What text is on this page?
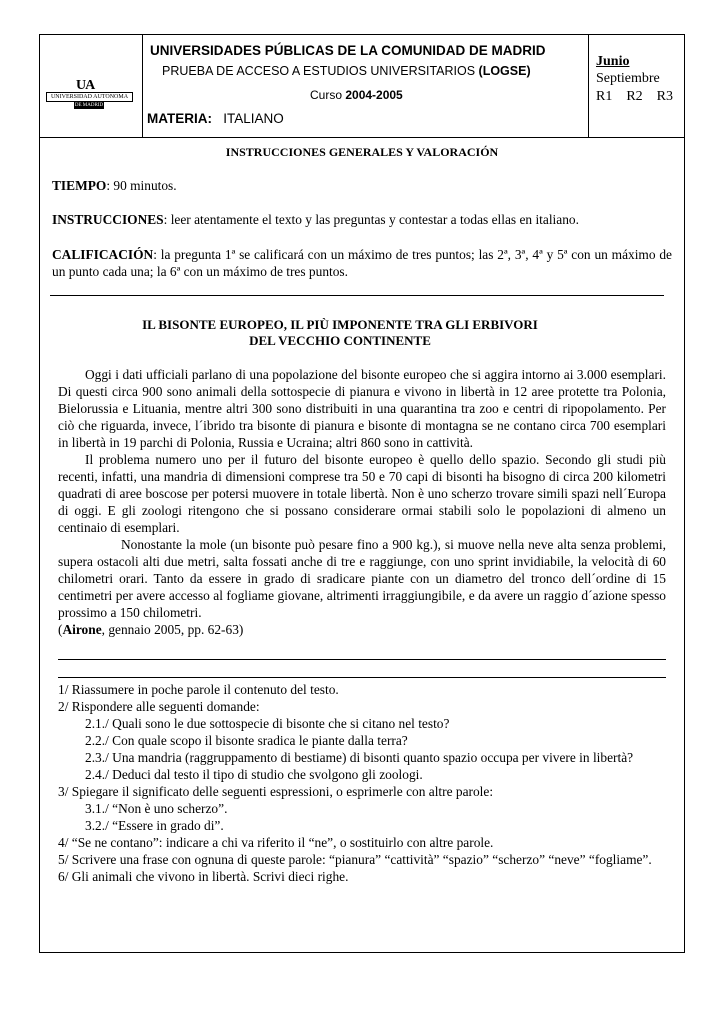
UA
UNIVERSIDAD AUTONOMA
DE MADRID
UNIVERSIDADES PÚBLICAS DE LA COMUNIDAD DE MADRID
PRUEBA DE ACCESO A ESTUDIOS UNIVERSITARIOS (LOGSE)
Curso 2004-2005
MATERIA: ITALIANO
Junio
Septiembre
R1    R2    R3
INSTRUCCIONES GENERALES Y VALORACIÓN
TIEMPO: 90 minutos.
INSTRUCCIONES: leer atentamente el texto y las preguntas y contestar a todas ellas en italiano.
CALIFICACIÓN: la pregunta 1ª se calificará con un máximo de tres puntos; las 2ª, 3ª, 4ª y 5ª con un máximo de un punto cada una; la 6ª con un máximo de tres puntos.
IL BISONTE EUROPEO, IL PIÙ IMPONENTE TRA GLI ERBIVORI
DEL VECCHIO CONTINENTE

Oggi i dati ufficiali parlano di una popolazione del bisonte europeo che si aggira intorno ai 3.000 esemplari. Di questi circa 900 sono animali della sottospecie di pianura e vivono in libertà in 12 aree protette tra Polonia, Bielorussia e Lituania, mentre altri 300 sono distribuiti in una quarantina tra zoo e centri di ripopolamento. Per ciò che riguarda, invece, l´ibrido tra bisonte di pianura e bisonte di montagna se ne contano circa 700 esemplari in libertà in 19 parchi di Polonia, Russia e Ucraina; altri 860 sono in cattività.

Il problema numero uno per il futuro del bisonte europeo è quello dello spazio. Secondo gli studi più recenti, infatti, una mandria di dimensioni comprese tra 50 e 70 capi di bisonti ha bisogno di circa 200 kilometri quadrati di aree boscose per potersi muovere in totale libertà. Non è uno scherzo trovare simili spazi nell´Europa di oggi. E gli zoologi ritengono che si possano considerare ormai stabili solo le popolazioni di almeno un centinaio di esemplari.

Nonostante la mole (un bisonte può pesare fino a 900 kg.), si muove nella neve alta senza problemi, supera ostacoli alti due metri, salta fossati anche di tre e raggiunge, con uno sprint invidiabile, la velocità di 60 chilometri orari. Tanto da essere in grado di sradicare piante con un diametro del tronco dell´ordine di 15 centimetri per avere accesso al fogliame giovane, altrimenti irraggiungibile, e da avere un raggio d´azione spesso prossimo a 150 chilometri.

(Airone, gennaio 2005, pp. 62-63)

1/ Riassumere in poche parole il contenuto del testo.
2/ Rispondere alle seguenti domande:
2.1./ Quali sono le due sottospecie di bisonte che si citano nel testo?
2.2./ Con quale scopo il bisonte sradica le piante dalla terra?
2.3./ Una mandria (raggruppamento di bestiame) di bisonti quanto spazio occupa per vivere in libertà?
2.4./ Deduci dal testo il tipo di studio che svolgono gli zoologi.
3/ Spiegare il significato delle seguenti espressioni, o esprimerle con altre parole:
3.1./ “Non è uno scherzo”.
3.2./ “Essere in grado di”.
4/ “Se ne contano”: indicare a chi va riferito il “ne”, o sostituirlo con altre parole.
5/ Scrivere una frase con ognuna di queste parole: “pianura” “cattività” “spazio” “scherzo” “neve” “fogliame”.
6/ Gli animali che vivono in libertà. Scrivi dieci righe.
